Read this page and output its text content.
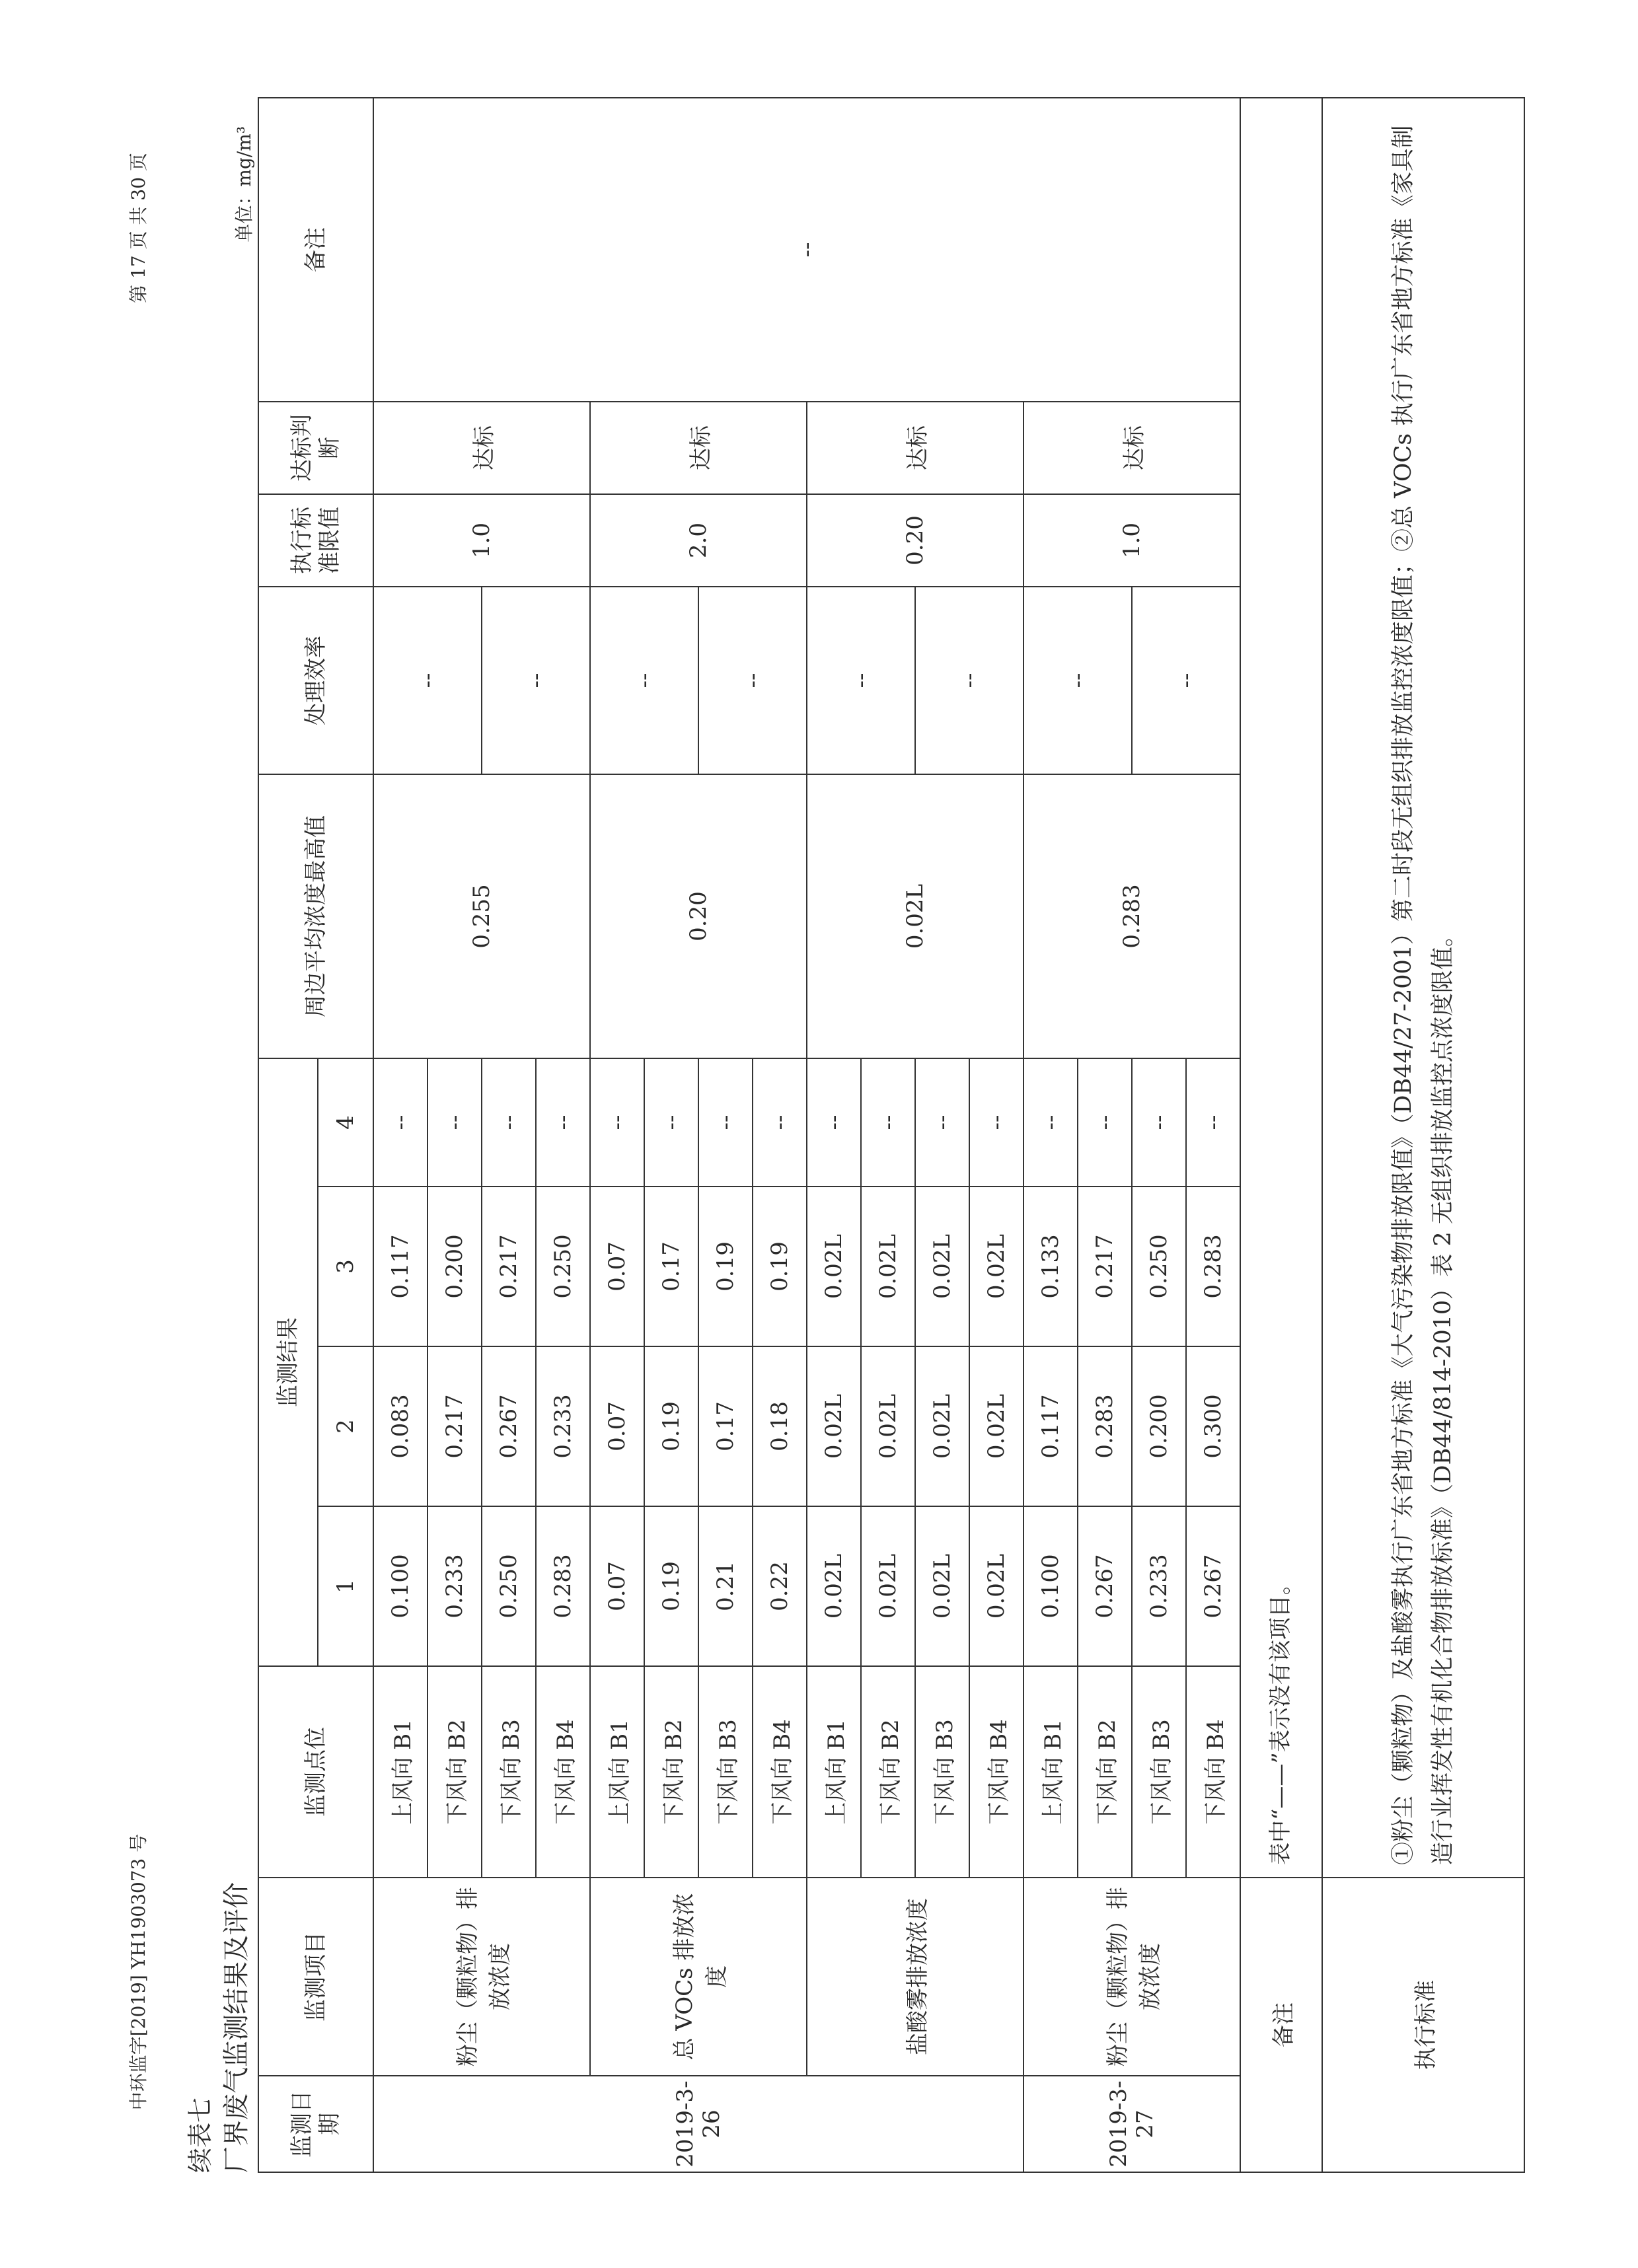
中环监字[2019] YH1903073 号
第 17 页 共 30 页
续表七 厂界废气监测结果及评价
单位：mg/m³
监测日期	监测项目	监测点位	监测结果				周边平均浓度最高值	处理效率	执行标准限值	达标判断	备注
			1	2	3	4					
2019-3-26	粉尘（颗粒物）排放浓度	上风向 B1	0.100	0.083	0.117	--	0.255	--	1.0	达标	--
		下风向 B2	0.233	0.217	0.200	--					
		下风向 B3	0.250	0.267	0.217	--		--			
		下风向 B4	0.283	0.233	0.250	--					
	总 VOCs 排放浓度	上风向 B1	0.07	0.07	0.07	--	0.20	--	2.0	达标	
		下风向 B2	0.19	0.19	0.17	--					
		下风向 B3	0.21	0.17	0.19	--		--			
		下风向 B4	0.22	0.18	0.19	--					
	盐酸雾排放浓度	上风向 B1	0.02L	0.02L	0.02L	--	0.02L	--	0.20	达标	
		下风向 B2	0.02L	0.02L	0.02L	--					
		下风向 B3	0.02L	0.02L	0.02L	--		--			
		下风向 B4	0.02L	0.02L	0.02L	--					
2019-3-27	粉尘（颗粒物）排放浓度	上风向 B1	0.100	0.117	0.133	--	0.283	--	1.0	达标	
		下风向 B2	0.267	0.283	0.217	--					
		下风向 B3	0.233	0.200	0.250	--		--			
		下风向 B4	0.267	0.300	0.283	--					
备注		表中“——”表示没有该项目。									
执行标准		①粉尘（颗粒物）及盐酸雾执行广东省地方标准《大气污染物排放限值》（DB44/27-2001）第二时段无组织排放监控浓度限值；②总 VOCs 执行广东省地方标准《家具制造行业挥发性有机化合物排放标准》（DB44/814-2010）表 2 无组织排放监控点浓度限值。									
